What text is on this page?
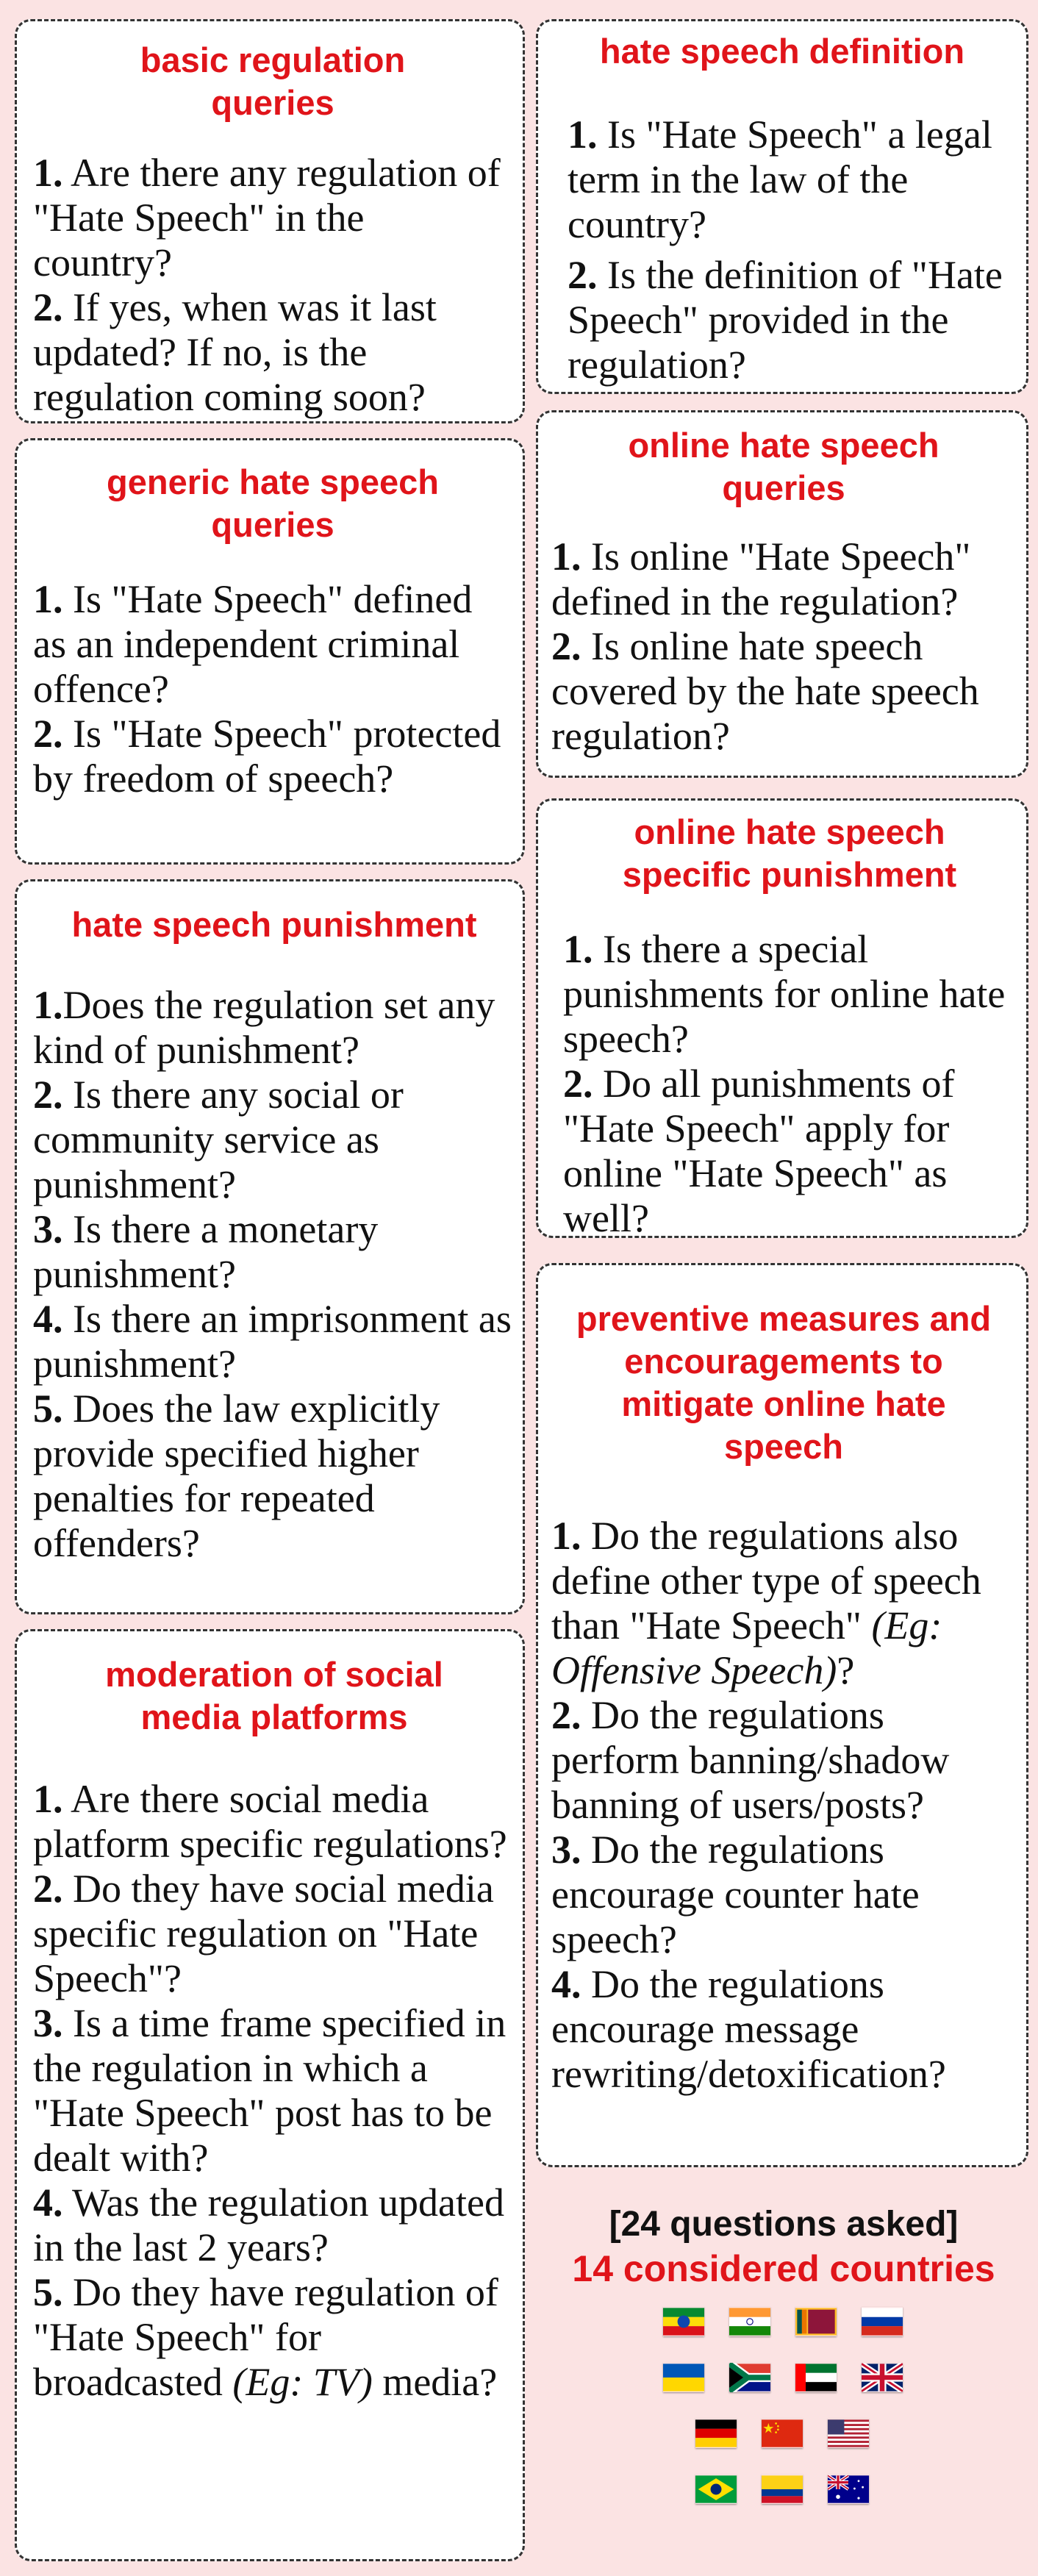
basic regulation queries

1. Are there any regulation of "Hate Speech" in the country?
2. If yes, when was it last updated? If no, is the regulation coming soon?

hate speech definition

1. Is "Hate Speech" a legal term in the law of the country?
2. Is the definition of "Hate Speech" provided in the regulation?

generic hate speech queries

1. Is "Hate Speech" defined as an independent criminal offence?
2. Is "Hate Speech" protected by freedom of speech?

online hate speech queries

1. Is online "Hate Speech" defined in the regulation?
2. Is online hate speech covered by the hate speech regulation?

online hate speech specific punishment

1. Is there a special punishments for online hate speech?
2. Do all punishments of "Hate Speech" apply for online "Hate Speech" as well?

hate speech punishment

1.Does the regulation set any kind of punishment?
2. Is there any social or community service as punishment?
3. Is there a monetary punishment?
4. Is there an imprisonment as punishment?
5. Does the law explicitly provide specified higher penalties for repeated offenders?

preventive measures and encouragements to mitigate online hate speech

1. Do the regulations also define other type of speech than "Hate Speech" (Eg: Offensive Speech)?
2. Do the regulations perform banning/shadow banning of users/posts?
3. Do the regulations encourage counter hate speech?
4. Do the regulations encourage message rewriting/detoxification?

moderation of social media platforms

1. Are there social media platform specific regulations?
2. Do they have social media specific regulation on "Hate Speech"?
3. Is a time frame specified in the regulation in which a "Hate Speech" post has to be dealt with?
4. Was the regulation updated in the last 2 years?
5. Do they have regulation of "Hate Speech" for broadcasted (Eg: TV) media?
[24 questions asked]
14 considered countries
